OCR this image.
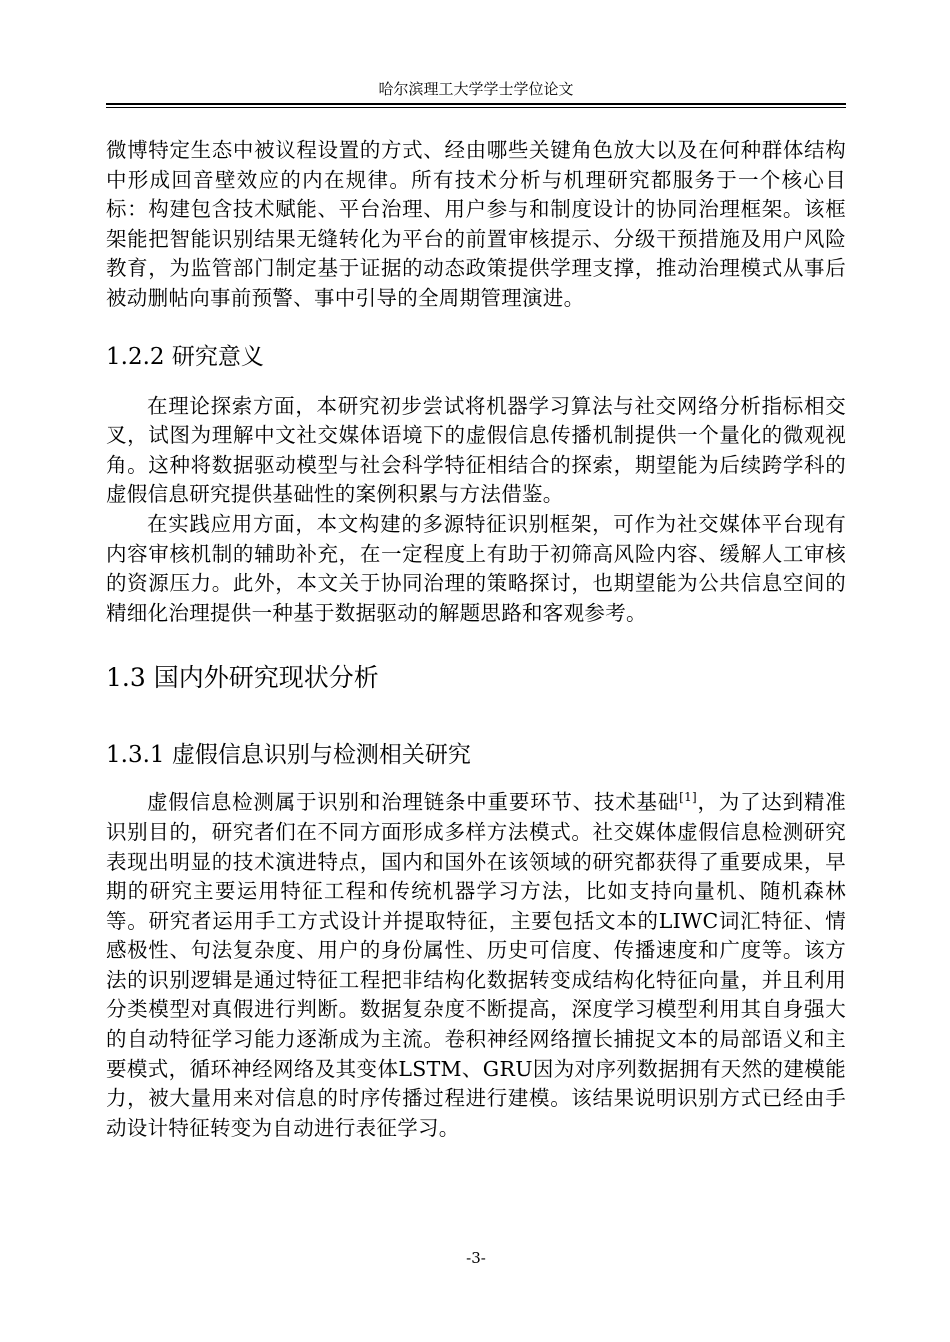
哈尔滨理工大学学士学位论文

微博特定生态中被议程设置的方式、经由哪些关键角色放大以及在何种群体结构中形成回音壁效应的内在规律。所有技术分析与机理研究都服务于一个核心目标：构建包含技术赋能、平台治理、用户参与和制度设计的协同治理框架。该框架能把智能识别结果无缝转化为平台的前置审核提示、分级干预措施及用户风险教育，为监管部门制定基于证据的动态政策提供学理支撑，推动治理模式从事后被动删帖向事前预警、事中引导的全周期管理演进。

1.2.2 研究意义

在理论探索方面，本研究初步尝试将机器学习算法与社交网络分析指标相交叉，试图为理解中文社交媒体语境下的虚假信息传播机制提供一个量化的微观视角。这种将数据驱动模型与社会科学特征相结合的探索，期望能为后续跨学科的虚假信息研究提供基础性的案例积累与方法借鉴。

在实践应用方面，本文构建的多源特征识别框架，可作为社交媒体平台现有内容审核机制的辅助补充，在一定程度上有助于初筛高风险内容、缓解人工审核的资源压力。此外，本文关于协同治理的策略探讨，也期望能为公共信息空间的精细化治理提供一种基于数据驱动的解题思路和客观参考。

1.3 国内外研究现状分析
1.3.1 虚假信息识别与检测相关研究

虚假信息检测属于识别和治理链条中重要环节、技术基础[1]，为了达到精准识别目的，研究者们在不同方面形成多样方法模式。社交媒体虚假信息检测研究表现出明显的技术演进特点，国内和国外在该领域的研究都获得了重要成果，早期的研究主要运用特征工程和传统机器学习方法，比如支持向量机、随机森林等。研究者运用手工方式设计并提取特征，主要包括文本的LIWC词汇特征、情感极性、句法复杂度、用户的身份属性、历史可信度、传播速度和广度等。该方法的识别逻辑是通过特征工程把非结构化数据转变成结构化特征向量，并且利用分类模型对真假进行判断。数据复杂度不断提高，深度学习模型利用其自身强大的自动特征学习能力逐渐成为主流。卷积神经网络擅长捕捉文本的局部语义和主要模式，循环神经网络及其变体LSTM、GRU因为对序列数据拥有天然的建模能力，被大量用来对信息的时序传播过程进行建模。该结果说明识别方式已经由手动设计特征转变为自动进行表征学习。

-3-
